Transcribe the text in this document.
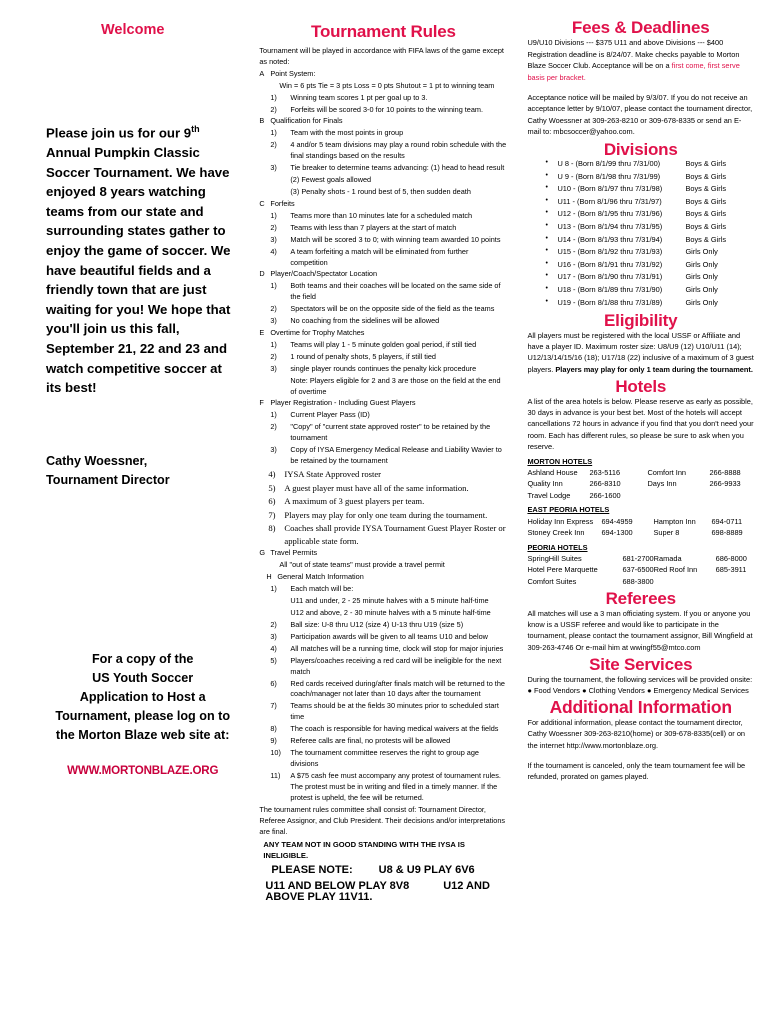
Welcome
Please join us for our 9th Annual Pumpkin Classic Soccer Tournament. We have enjoyed 8 years watching teams from our state and surrounding states gather to enjoy the game of soccer. We have beautiful fields and a friendly town that are just waiting for you! We hope that you'll join us this fall, September 21, 22 and 23 and watch competitive soccer at its best!
Cathy Woessner,
Tournament Director
For a copy of the
US Youth Soccer
Application to Host a
Tournament, please log on to
the Morton Blaze web site at:
WWW.MORTONBLAZE.ORG
Tournament Rules

Tournament will be played in accordance with FIFA laws of the game except as noted:

A Point System:
Win = 6 pts Tie = 3 pts Loss = 0 pts Shutout = 1 pt to winning team
1)	Winning team scores 1 pt per goal up to 3.
2)	Forfeits will be scored 3-0 for 10 points to the winning team.
B Qualification for Finals
1)	Team with the most points in group
2)	4 and/or 5 team divisions may play a round robin schedule with the final standings based on the results
3)	Tie breaker to determine teams advancing: (1) head to head result
(2) Fewest goals allowed
(3) Penalty shots - 1 round best of 5, then sudden death
C Forfeits
1)	Teams more than 10 minutes late for a scheduled match
2)	Teams with less than 7 players at the start of match
3)	Match will be scored 3 to 0; with winning team awarded 10 points
4)	A team forfeiting a match will be eliminated from further competition
D Player/Coach/Spectator Location
1)	Both teams and their coaches will be located on the same side of the field
2)	Spectators will be on the opposite side of the field as the teams
3)	No coaching from the sidelines will be allowed
E Overtime for Trophy Matches
1)	Teams will play 1 - 5 minute golden goal period, if still tied
2)	1 round of penalty shots, 5 players, if still tied
3)	single player rounds continues the penalty kick procedure
Note: Players eligible for 2 and 3 are those on the field at the end of overtime
F Player Registration - Including Guest Players
1)	Current Player Pass (ID)
2)	"Copy" of "current state approved roster" to be retained by the tournament
3)	Copy of IYSA Emergency Medical Release and Liability Wavier to be retained by the tournament
4)	IYSA State Approved roster
5)	A guest player must have all of the same information.
6)	A maximum of 3 guest players per team.
7)	Players may play for only one team during the tournament.
8)	Coaches shall provide IYSA Tournament Guest Player Roster or applicable state form.
G Travel Permits
All "out of state teams" must provide a travel permit
H General Match Information
1)	Each match will be:
U11 and under, 2 - 25 minute halves with a 5 minute half-time
U12 and above, 2 - 30 minute halves with a 5 minute half-time
2)	Ball size: U-8 thru U12 (size 4) U-13 thru U19 (size 5)
3)	Participation awards will be given to all teams U10 and below
4)	All matches will be a running time, clock will stop for major injuries
5)	Players/coaches receiving a red card will be ineligible for the next match
6)	Red cards received during/after finals match will be returned to the coach/manager not later than 10 days after the tournament
7)	Teams should be at the fields 30 minutes prior to scheduled start time
8)	The coach is responsible for having medical waivers at the fields
9)	Referee calls are final, no protests will be allowed
10)	The tournament committee reserves the right to group age divisions
11)	A $75 cash fee must accompany any protest of tournament rules. The protest must be in writing and filed in a timely manner. If the protest is upheld, the fee will be returned.
The tournament rules committee shall consist of: Tournament Director, Referee Assignor, and Club President. Their decisions and/or interpretations are final.
ANY TEAM NOT IN GOOD STANDING WITH THE IYSA IS INELIGIBLE.
PLEASE NOTE: U8 & U9 PLAY 6V6
U11 AND BELOW PLAY 8V8	U12 AND ABOVE PLAY 11V11.
Fees & Deadlines

U9/U10 Divisions --- $375 U11 and above Divisions --- $400 Registration deadline is 8/24/07. Make checks payable to Morton Blaze Soccer Club. Acceptance will be on a first come, first serve basis per bracket.

Acceptance notice will be mailed by 9/3/07. If you do not receive an acceptance letter by 9/10/07, please contact the tournament director, Cathy Woessner at 309-263-8210 or 309-678-8335 or send an E-mail to: mbcsoccer@yahoo.com.

Divisions
• U 8 - (Born 8/1/99 thru 7/31/00)	Boys & Girls
• U 9 - (Born 8/1/98 thru 7/31/99)	Boys & Girls
• U10 - (Born 8/1/97 thru 7/31/98)	Boys & Girls
• U11 - (Born 8/1/96 thru 7/31/97)	Boys & Girls
• U12 - (Born 8/1/95 thru 7/31/96)	Boys & Girls
• U13 - (Born 8/1/94 thru 7/31/95)	Boys & Girls
• U14 - (Born 8/1/93 thru 7/31/94)	Boys & Girls
• U15 - (Born 8/1/92 thru 7/31/93)	Girls Only
• U16 - (Born 8/1/91 thru 7/31/92)	Girls Only
• U17 - (Born 8/1/90 thru 7/31/91)	Girls Only
• U18 - (Born 8/1/89 thru 7/31/90)	Girls Only
• U19 - (Born 8/1/88 thru 7/31/89)	Girls Only
Eligibility

All players must be registered with the local USSF or Affiliate and have a player ID. Maximum roster size: U8/U9 (12) U10/U11 (14); U12/13/14/15/16 (18); U17/18 (22) inclusive of a maximum of 3 guest players. Players may play for only 1 team during the tournament.

Hotels

A list of the area hotels is below. Please reserve as early as possible, 30 days in advance is your best bet. Most of the hotels will accept cancellations 72 hours in advance if you find that you don't need your room. Each has different rules, so please be sure to ask when you reserve.

MORTON HOTELS
Ashland House	263-5116	Comfort Inn	266-8888
Quality Inn	266-8310	Days Inn	266-9933
Travel Lodge	266-1600		
EAST PEORIA HOTELS
Holiday Inn Express	694-4959	Hampton Inn	694-0711
Stoney Creek Inn	694-1300	Super 8	698-8889
PEORIA HOTELS
SpringHill Suites	681-2700	Ramada	686-8000
Hotel Pere Marquette	637-6500	Red Roof Inn	685-3911
Comfort Suites	688-3800		
Referees

All matches will use a 3 man officiating system. If you or anyone you know is a USSF referee and would like to participate in the tournament, please contact the tournament assignor, Bill Wingfield at 309-263-4746 Or e-mail him at wwingf55@mtco.com

Site Services

During the tournament, the following services will be provided onsite:

● Food Vendors ● Clothing Vendors ● Emergency Medical Services

Additional Information

For additional information, please contact the tournament director, Cathy Woessner 309-263-8210(home) or 309-678-8335(cell) or on the internet http://www.mortonblaze.org.

If the tournament is canceled, only the team tournament fee will be refunded, prorated on games played.
